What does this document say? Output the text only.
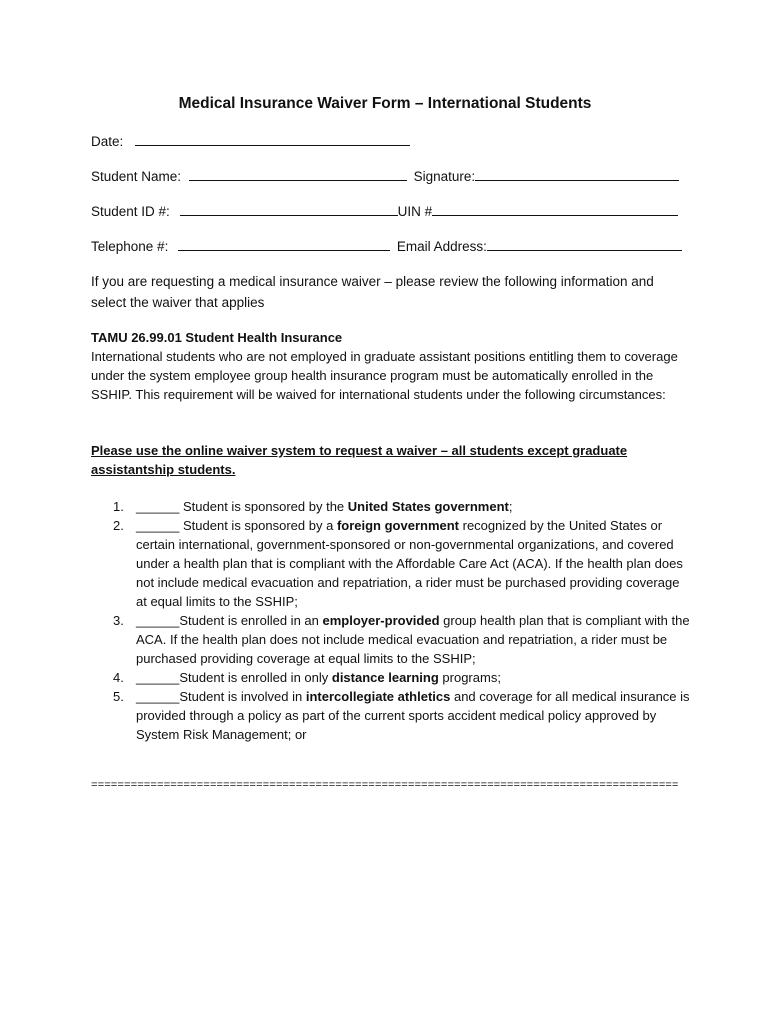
Medical Insurance Waiver Form – International Students
Date:
Student Name:	Signature:
Student ID #:	UIN #
Telephone #:	Email Address:
If you are requesting a medical insurance waiver – please review the following information and select the waiver that applies
TAMU 26.99.01 Student Health Insurance
International students who are not employed in graduate assistant positions entitling them to coverage under the system employee group health insurance program must be automatically enrolled in the SSHIP. This requirement will be waived for international students under the following circumstances:
Please use the online waiver system to request a waiver – all students except graduate assistantship students.
1. ______ Student is sponsored by the United States government;
2. ______ Student is sponsored by a foreign government recognized by the United States or certain international, government-sponsored or non-governmental organizations, and covered under a health plan that is compliant with the Affordable Care Act (ACA). If the health plan does not include medical evacuation and repatriation, a rider must be purchased providing coverage at equal limits to the SSHIP;
3. ______Student is enrolled in an employer-provided group health plan that is compliant with the ACA. If the health plan does not include medical evacuation and repatriation, a rider must be purchased providing coverage at equal limits to the SSHIP;
4. ______Student is enrolled in only distance learning programs;
5. ______Student is involved in intercollegiate athletics and coverage for all medical insurance is provided through a policy as part of the current sports accident medical policy approved by System Risk Management; or
=========================================================================================
